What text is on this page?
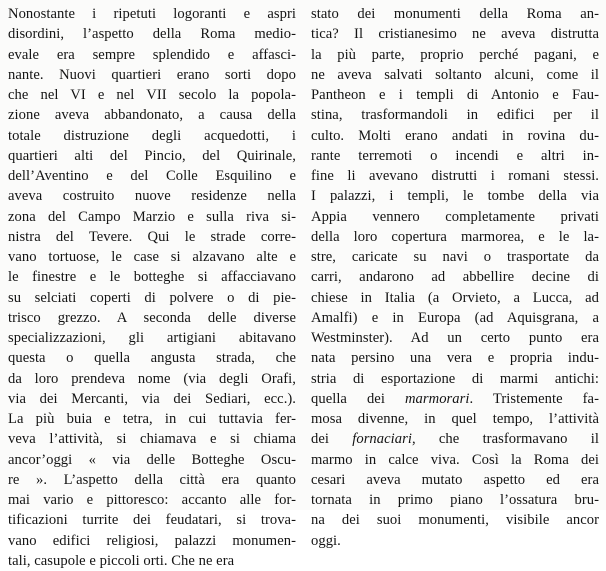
Nonostante i ripetuti logoranti e aspri
disordini, l’aspetto della Roma medio-
evale era sempre splendido e affasci-
nante. Nuovi quartieri erano sorti dopo
che nel VI e nel VII secolo la popola-
zione aveva abbandonato, a causa della
totale distruzione degli acquedotti, i
quartieri alti del Pincio, del Quirinale,
dell’Aventino e del Colle Esquilino e
aveva costruito nuove residenze nella
zona del Campo Marzio e sulla riva si-
nistra del Tevere. Qui le strade corre-
vano tortuose, le case si alzavano alte e
le finestre e le botteghe si affacciavano
su selciati coperti di polvere o di pie-
trisco grezzo. A seconda delle diverse
specializzazioni, gli artigiani abitavano
questa o quella angusta strada, che
da loro prendeva nome (via degli Orafi,
via dei Mercanti, via dei Sediari, ecc.).
La più buia e tetra, in cui tuttavia fer-
veva l’attività, si chiamava e si chiama
ancor’oggi « via delle Botteghe Oscu-
re ». L’aspetto della città era quanto
mai vario e pittoresco: accanto alle for-
tificazioni turrite dei feudatari, si trova-
vano edifici religiosi, palazzi monumen-
tali, casupole e piccoli orti. Che ne era
stato dei monumenti della Roma an-
tica? Il cristianesimo ne aveva distrutta
la più parte, proprio perché pagani, e
ne aveva salvati soltanto alcuni, come il
Pantheon e i templi di Antonio e Fau-
stina, trasformandoli in edifici per il
culto. Molti erano andati in rovina du-
rante terremoti o incendi e altri in-
fine li avevano distrutti i romani stessi.
I palazzi, i templi, le tombe della via
Appia vennero completamente privati
della loro copertura marmorea, e le la-
stre, caricate su navi o trasportate da
carri, andarono ad abbellire decine di
chiese in Italia (a Orvieto, a Lucca, ad
Amalfi) e in Europa (ad Aquisgrana, a
Westminster). Ad un certo punto era
nata persino una vera e propria indu-
stria di esportazione di marmi antichi:
quella dei marmorari. Tristemente fa-
mosa divenne, in quel tempo, l’attività
dei fornaciari, che trasformavano il
marmo in calce viva. Così la Roma dei
cesari aveva mutato aspetto ed era
tornata in primo piano l’ossatura bru-
na dei suoi monumenti, visibile ancor
oggi.
